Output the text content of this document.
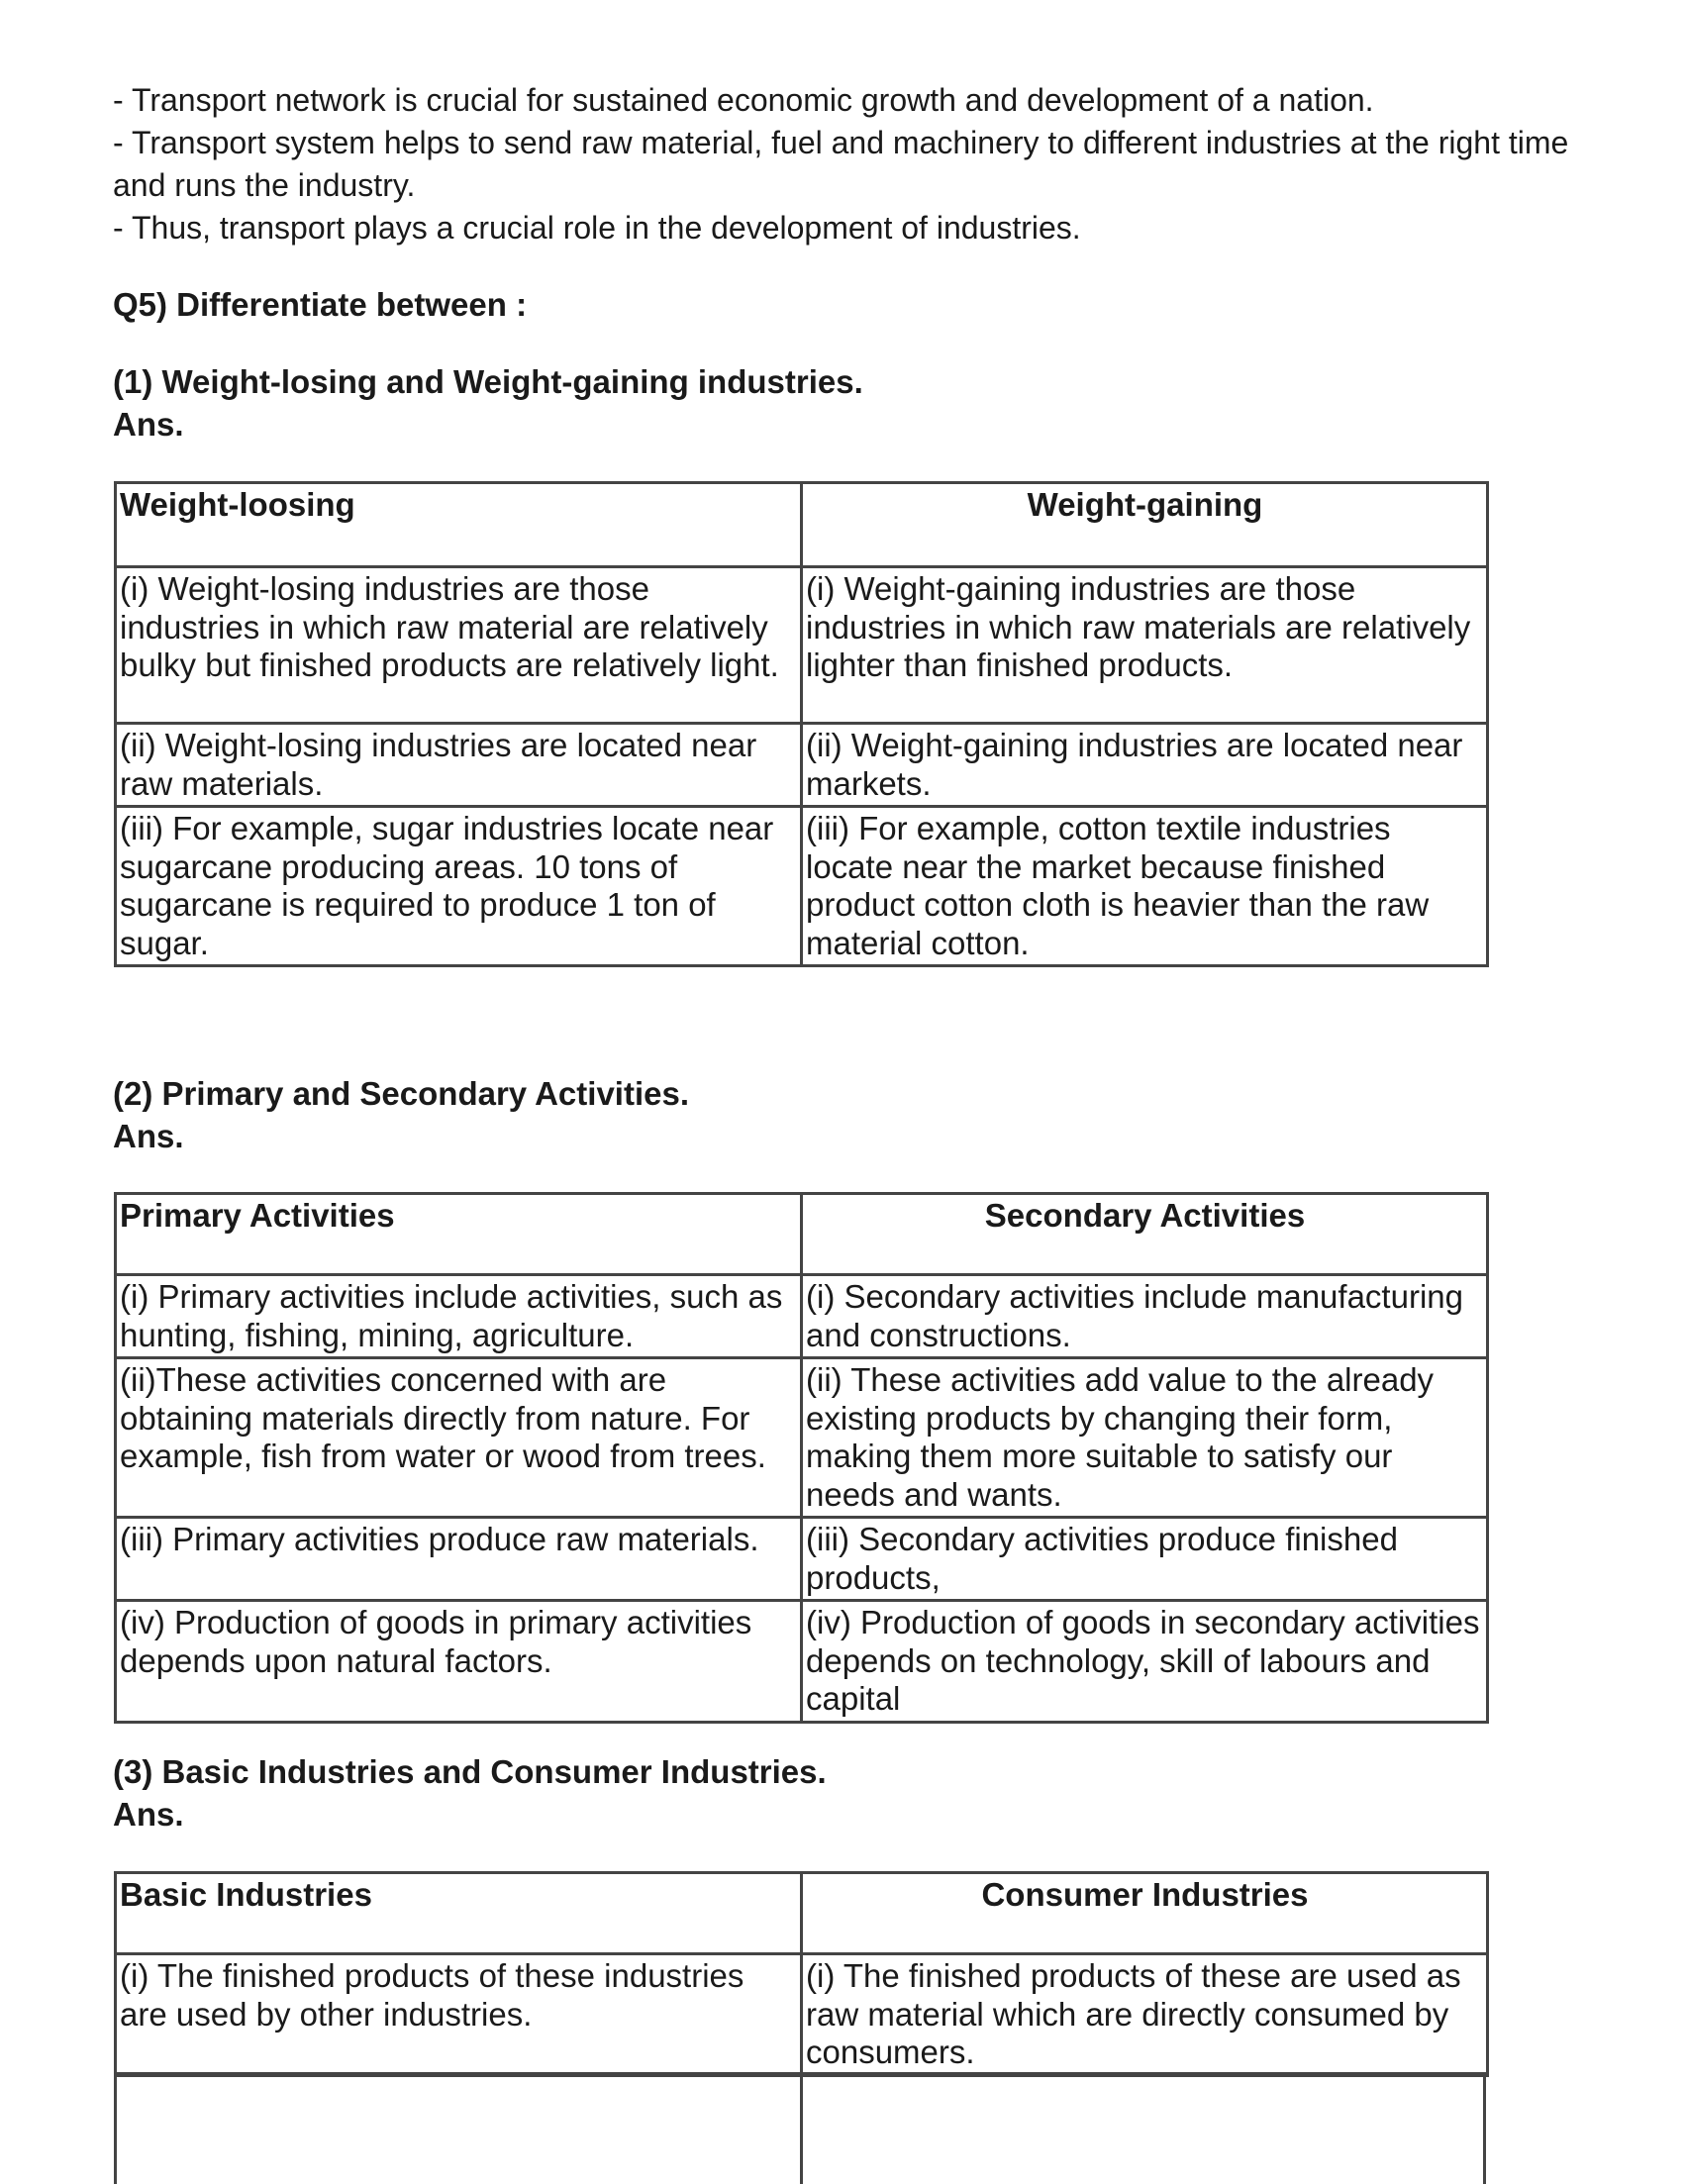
- Transport network is crucial for sustained economic growth and development of a nation.

- Transport system helps to send raw material, fuel and machinery to different industries at the right time and runs the industry.

- Thus, transport plays a crucial role in the development of industries.

Q5) Differentiate between :

(1) Weight-losing and Weight-gaining industries.

Ans.

Weight-loosing	Weight-gaining
(i) Weight-losing industries are those industries in which raw material are relatively bulky but finished products are relatively light.	(i) Weight-gaining industries are those industries in which raw materials are relatively lighter than finished products.
(ii) Weight-losing industries are located near raw materials.	(ii) Weight-gaining industries are located near markets.
(iii) For example, sugar industries locate near sugarcane producing areas. 10 tons of sugarcane is required to produce 1 ton of sugar.	(iii) For example, cotton textile industries locate near the market because finished product cotton cloth is heavier than the raw material cotton.

(2) Primary and Secondary Activities.

Ans.

Primary Activities	Secondary Activities
(i) Primary activities include activities, such as hunting, fishing, mining, agriculture.	(i) Secondary activities include manufacturing and constructions.
(ii)These activities concerned with are obtaining materials directly from nature. For example, fish from water or wood from trees.	(ii) These activities add value to the already existing products by changing their form, making them more suitable to satisfy our needs and wants.
(iii) Primary activities produce raw materials.	(iii) Secondary activities produce finished products,
(iv) Production of goods in primary activities depends upon natural factors.	(iv) Production of goods in secondary activities depends on technology, skill of labours and capital

(3) Basic Industries and Consumer Industries.

Ans.

Basic Industries	Consumer Industries
(i) The finished products of these industries are used by other industries.	(i) The finished products of these are used as raw material which are directly consumed by consumers.
